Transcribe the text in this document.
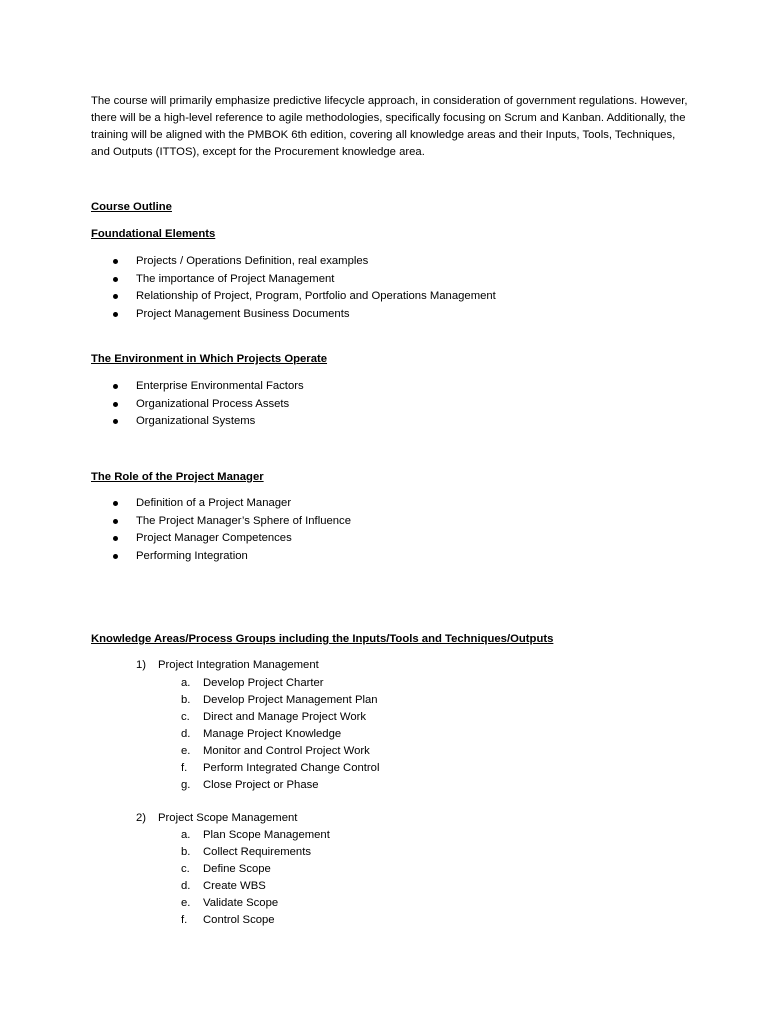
The course will primarily emphasize predictive lifecycle approach, in consideration of government regulations. However, there will be a high-level reference to agile methodologies, specifically focusing on Scrum and Kanban. Additionally, the training will be aligned with the PMBOK 6th edition, covering all knowledge areas and their Inputs, Tools, Techniques, and Outputs (ITTOS), except for the Procurement knowledge area.

Course Outline
Foundational Elements
Projects / Operations Definition, real examples
The importance of Project Management
Relationship of Project, Program, Portfolio and Operations Management
Project Management Business Documents
The Environment in Which Projects Operate
Enterprise Environmental Factors
Organizational Process Assets
Organizational Systems
The Role of the Project Manager
Definition of a Project Manager
The Project Manager’s Sphere of Influence
Project Manager Competences
Performing Integration
Knowledge Areas/Process Groups including the Inputs/Tools and Techniques/Outputs
1) Project Integration Management
a. Develop Project Charter
b. Develop Project Management Plan
c. Direct and Manage Project Work
d. Manage Project Knowledge
e. Monitor and Control Project Work
f. Perform Integrated Change Control
g. Close Project or Phase
2) Project Scope Management
a. Plan Scope Management
b. Collect Requirements
c. Define Scope
d. Create WBS
e. Validate Scope
f. Control Scope
